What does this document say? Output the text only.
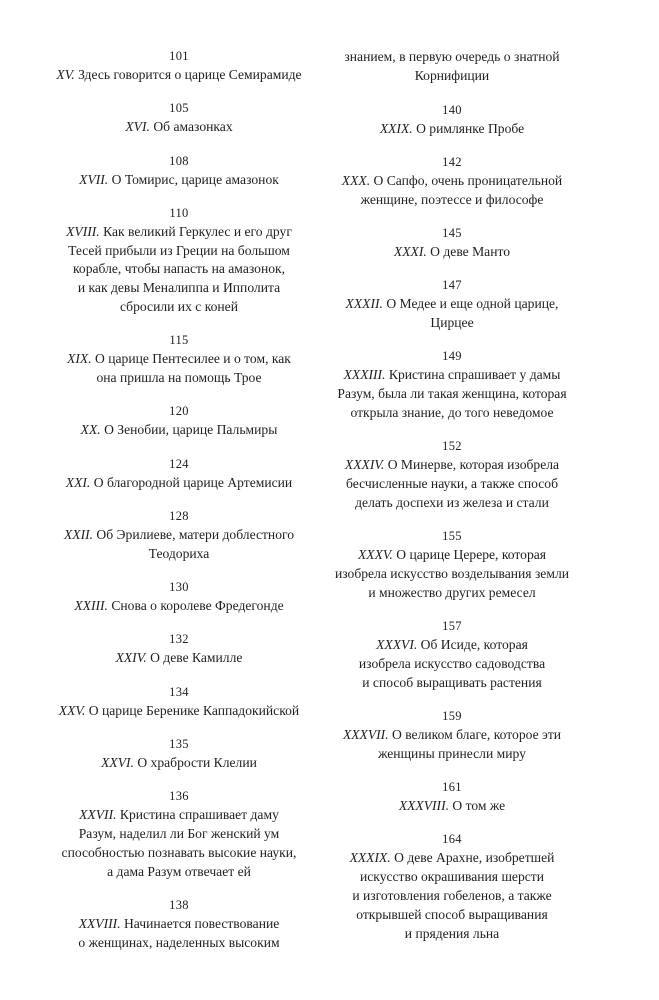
101
XV. Здесь говорится о царице Семирамиде
105
XVI. Об амазонках
108
XVII. О Томирис, царице амазонок
110
XVIII. Как великий Геркулес и его друг
Тесей прибыли из Греции на большом
корабле, чтобы напасть на амазонок,
и как девы Меналиппа и Ипполита
сбросили их с коней
115
XIX. О царице Пентесилее и о том, как
она пришла на помощь Трое
120
XX. О Зенобии, царице Пальмиры
124
XXI. О благородной царице Артемисии
128
XXII. Об Эрилиеве, матери доблестного
Теодориха
130
XXIII. Снова о королеве Фредегонде
132
XXIV. О деве Камилле
134
XXV. О царице Беренике Каппадокийской
135
XXVI. О храбрости Клелии
136
XXVII. Кристина спрашивает даму
Разум, наделил ли Бог женский ум
способностью познавать высокие науки,
а дама Разум отвечает ей
138
XXVIII. Начинается повествование
о женщинах, наделенных высоким
знанием, в первую очередь о знатной
Корнифиции
140
XXIX. О римлянке Пробе
142
XXX. О Сапфо, очень проницательной
женщине, поэтессе и философе
145
XXXI. О деве Манто
147
XXXII. О Медее и еще одной царице,
Цирцее
149
XXXIII. Кристина спрашивает у дамы
Разум, была ли такая женщина, которая
открыла знание, до того неведомое
152
XXXIV. О Минерве, которая изобрела
бесчисленные науки, а также способ
делать доспехи из железа и стали
155
XXXV. О царице Церере, которая
изобрела искусство возделывания земли
и множество других ремесел
157
XXXVI. Об Исиде, которая
изобрела искусство садоводства
и способ выращивать растения
159
XXXVII. О великом благе, которое эти
женщины принесли миру
161
XXXVIII. О том же
164
XXXIX. О деве Арахне, изобретшей
искусство окрашивания шерсти
и изготовления гобеленов, а также
открывшей способ выращивания
и прядения льна
